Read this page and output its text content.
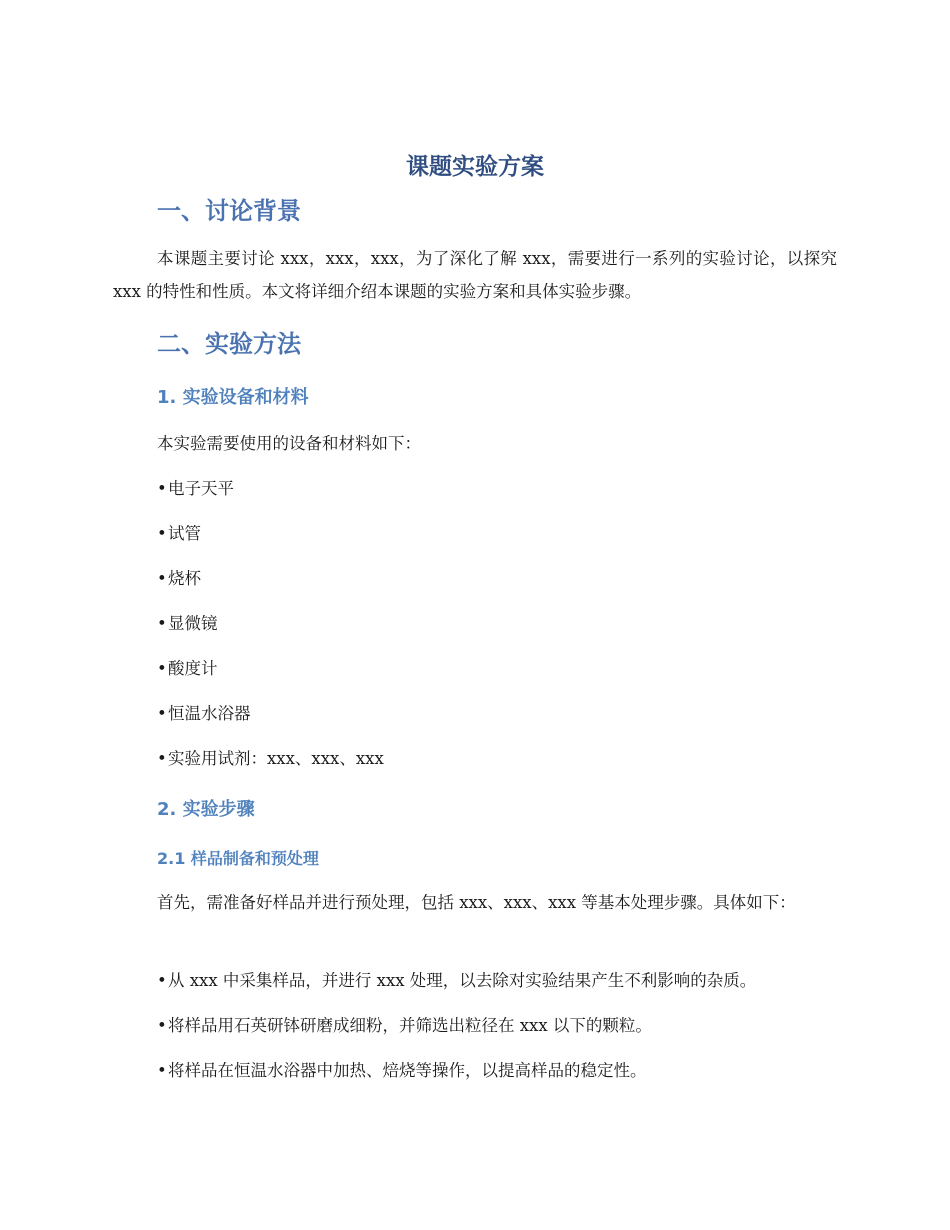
课题实验方案
一、讨论背景

本课题主要讨论 xxx，xxx，xxx，为了深化了解 xxx，需要进行一系列的实验讨论，以探究 xxx 的特性和性质。本文将详细介绍本课题的实验方案和具体实验步骤。

二、实验方法
1. 实验设备和材料

本实验需要使用的设备和材料如下：

•电子天平

•试管

•烧杯

•显微镜

•酸度计

•恒温水浴器

•实验用试剂：xxx、xxx、xxx

2. 实验步骤
2.1 样品制备和预处理

首先，需准备好样品并进行预处理，包括 xxx、xxx、xxx 等基本处理步骤。具体如下：

•从 xxx 中采集样品，并进行 xxx 处理，以去除对实验结果产生不利影响的杂质。

•将样品用石英研钵研磨成细粉，并筛选出粒径在 xxx 以下的颗粒。

•将样品在恒温水浴器中加热、焙烧等操作，以提高样品的稳定性。
